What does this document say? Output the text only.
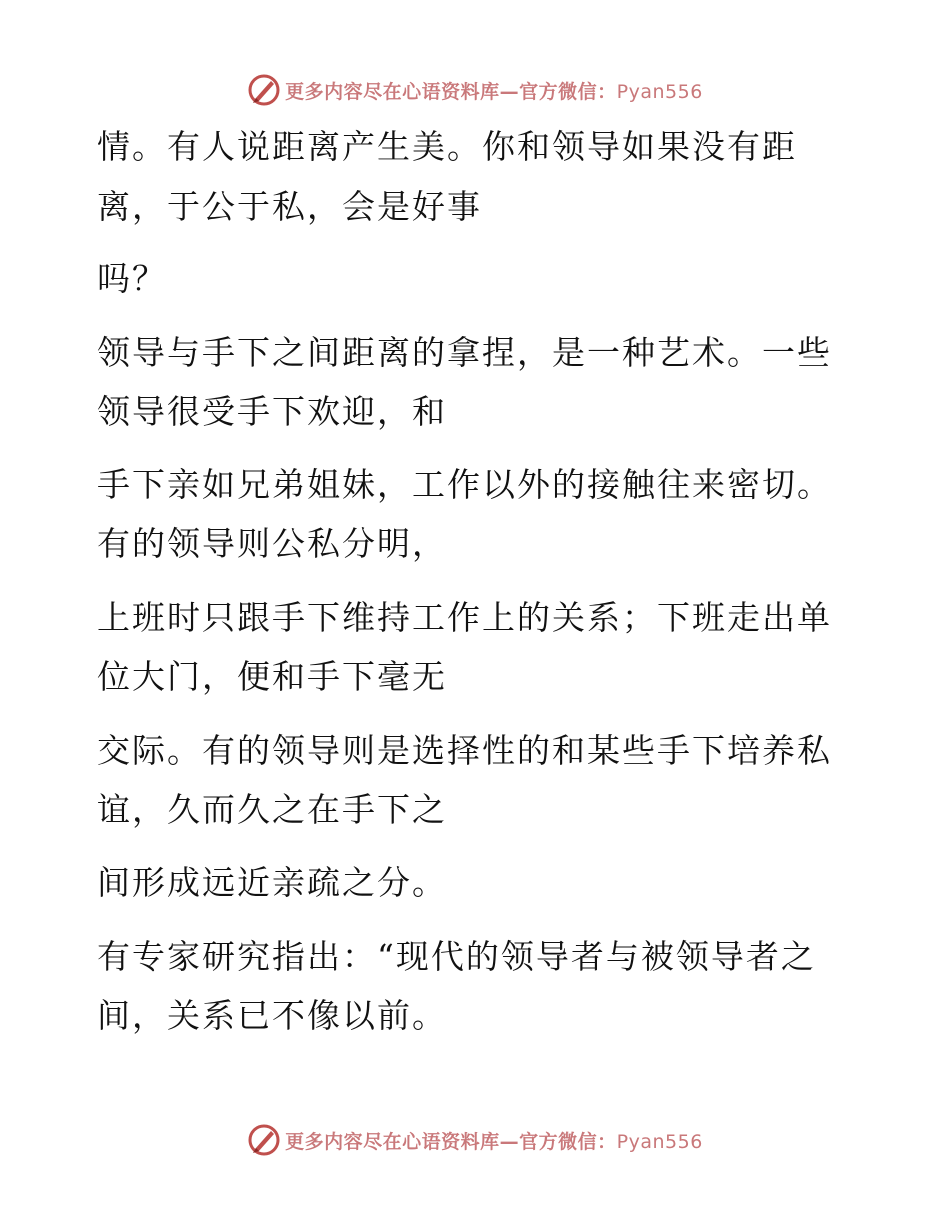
更多内容尽在心语资料库—官方微信：Pyan556
情。有人说距离产生美。你和领导如果没有距
离，于公于私，会是好事
吗？
领导与手下之间距离的拿捏，是一种艺术。一些
领导很受手下欢迎，和
手下亲如兄弟姐妹，工作以外的接触往来密切。
有的领导则公私分明，
上班时只跟手下维持工作上的关系；下班走出单
位大门，便和手下毫无
交际。有的领导则是选择性的和某些手下培养私
谊，久而久之在手下之
间形成远近亲疏之分。
有专家研究指出：“现代的领导者与被领导者之
间，关系已不像以前。
更多内容尽在心语资料库—官方微信：Pyan556
